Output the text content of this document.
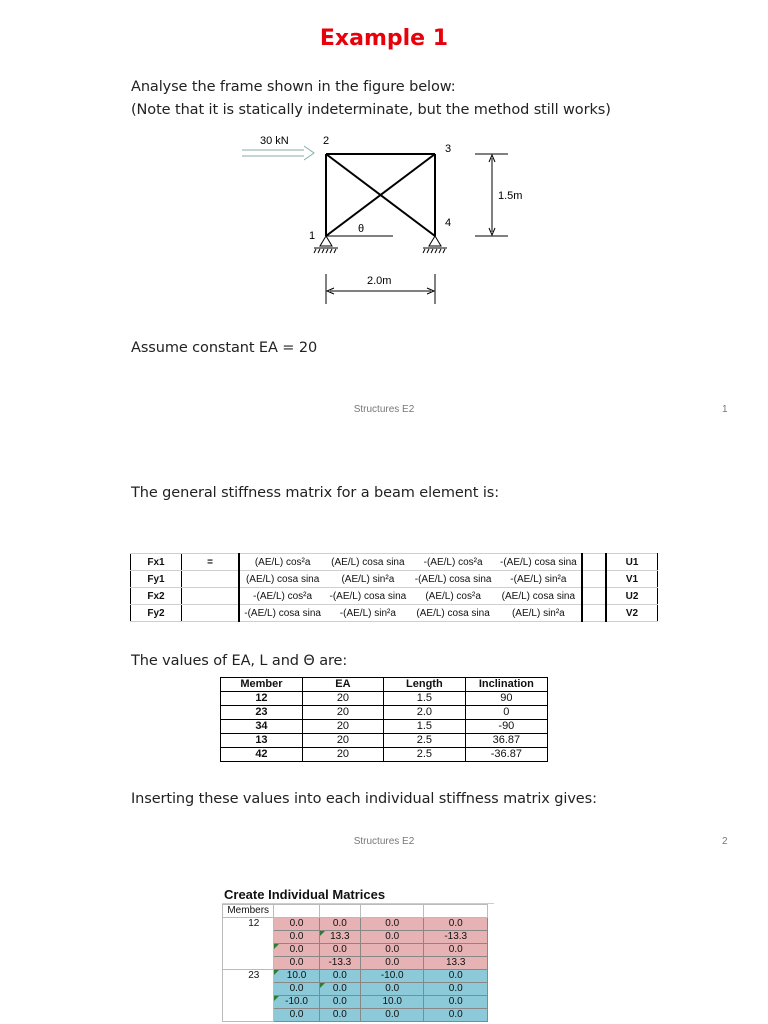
Example 1
Analyse the frame shown in the figure below:
(Note that it is statically indeterminate, but the method still works)
30 kN	2
3
4
1
θ
1.5m
2.0m
Assume constant EA = 20
Structures E2	1
The general stiffness matrix for a beam element is:
Fx1	=	(AE/L) cos²a	(AE/L) cosa sina	-(AE/L) cos²a	-(AE/L) cosa sina		U1
Fy1		(AE/L) cosa sina	(AE/L) sin²a	-(AE/L) cosa sina	-(AE/L) sin²a		V1
Fx2		-(AE/L) cos²a	-(AE/L) cosa sina	(AE/L) cos²a	(AE/L) cosa sina		U2
Fy2		-(AE/L) cosa sina	-(AE/L) sin²a	(AE/L) cosa sina	(AE/L) sin²a		V2
The values of EA, L and Θ are:
Member	EA	Length	Inclination
12	20	1.5	90
23	20	2.0	0
34	20	1.5	-90
13	20	2.5	36.87
42	20	2.5	-36.87
Inserting these values into each individual stiffness matrix gives:
Structures E2	2
Create Individual Matrices
Members				
12	0.0	0.0	0.0	0.0
	0.0	13.3	0.0	-13.3
	0.0	0.0	0.0	0.0
	0.0	-13.3	0.0	13.3
23	10.0	0.0	-10.0	0.0
	0.0	0.0	0.0	0.0
	-10.0	0.0	10.0	0.0
	0.0	0.0	0.0	0.0
